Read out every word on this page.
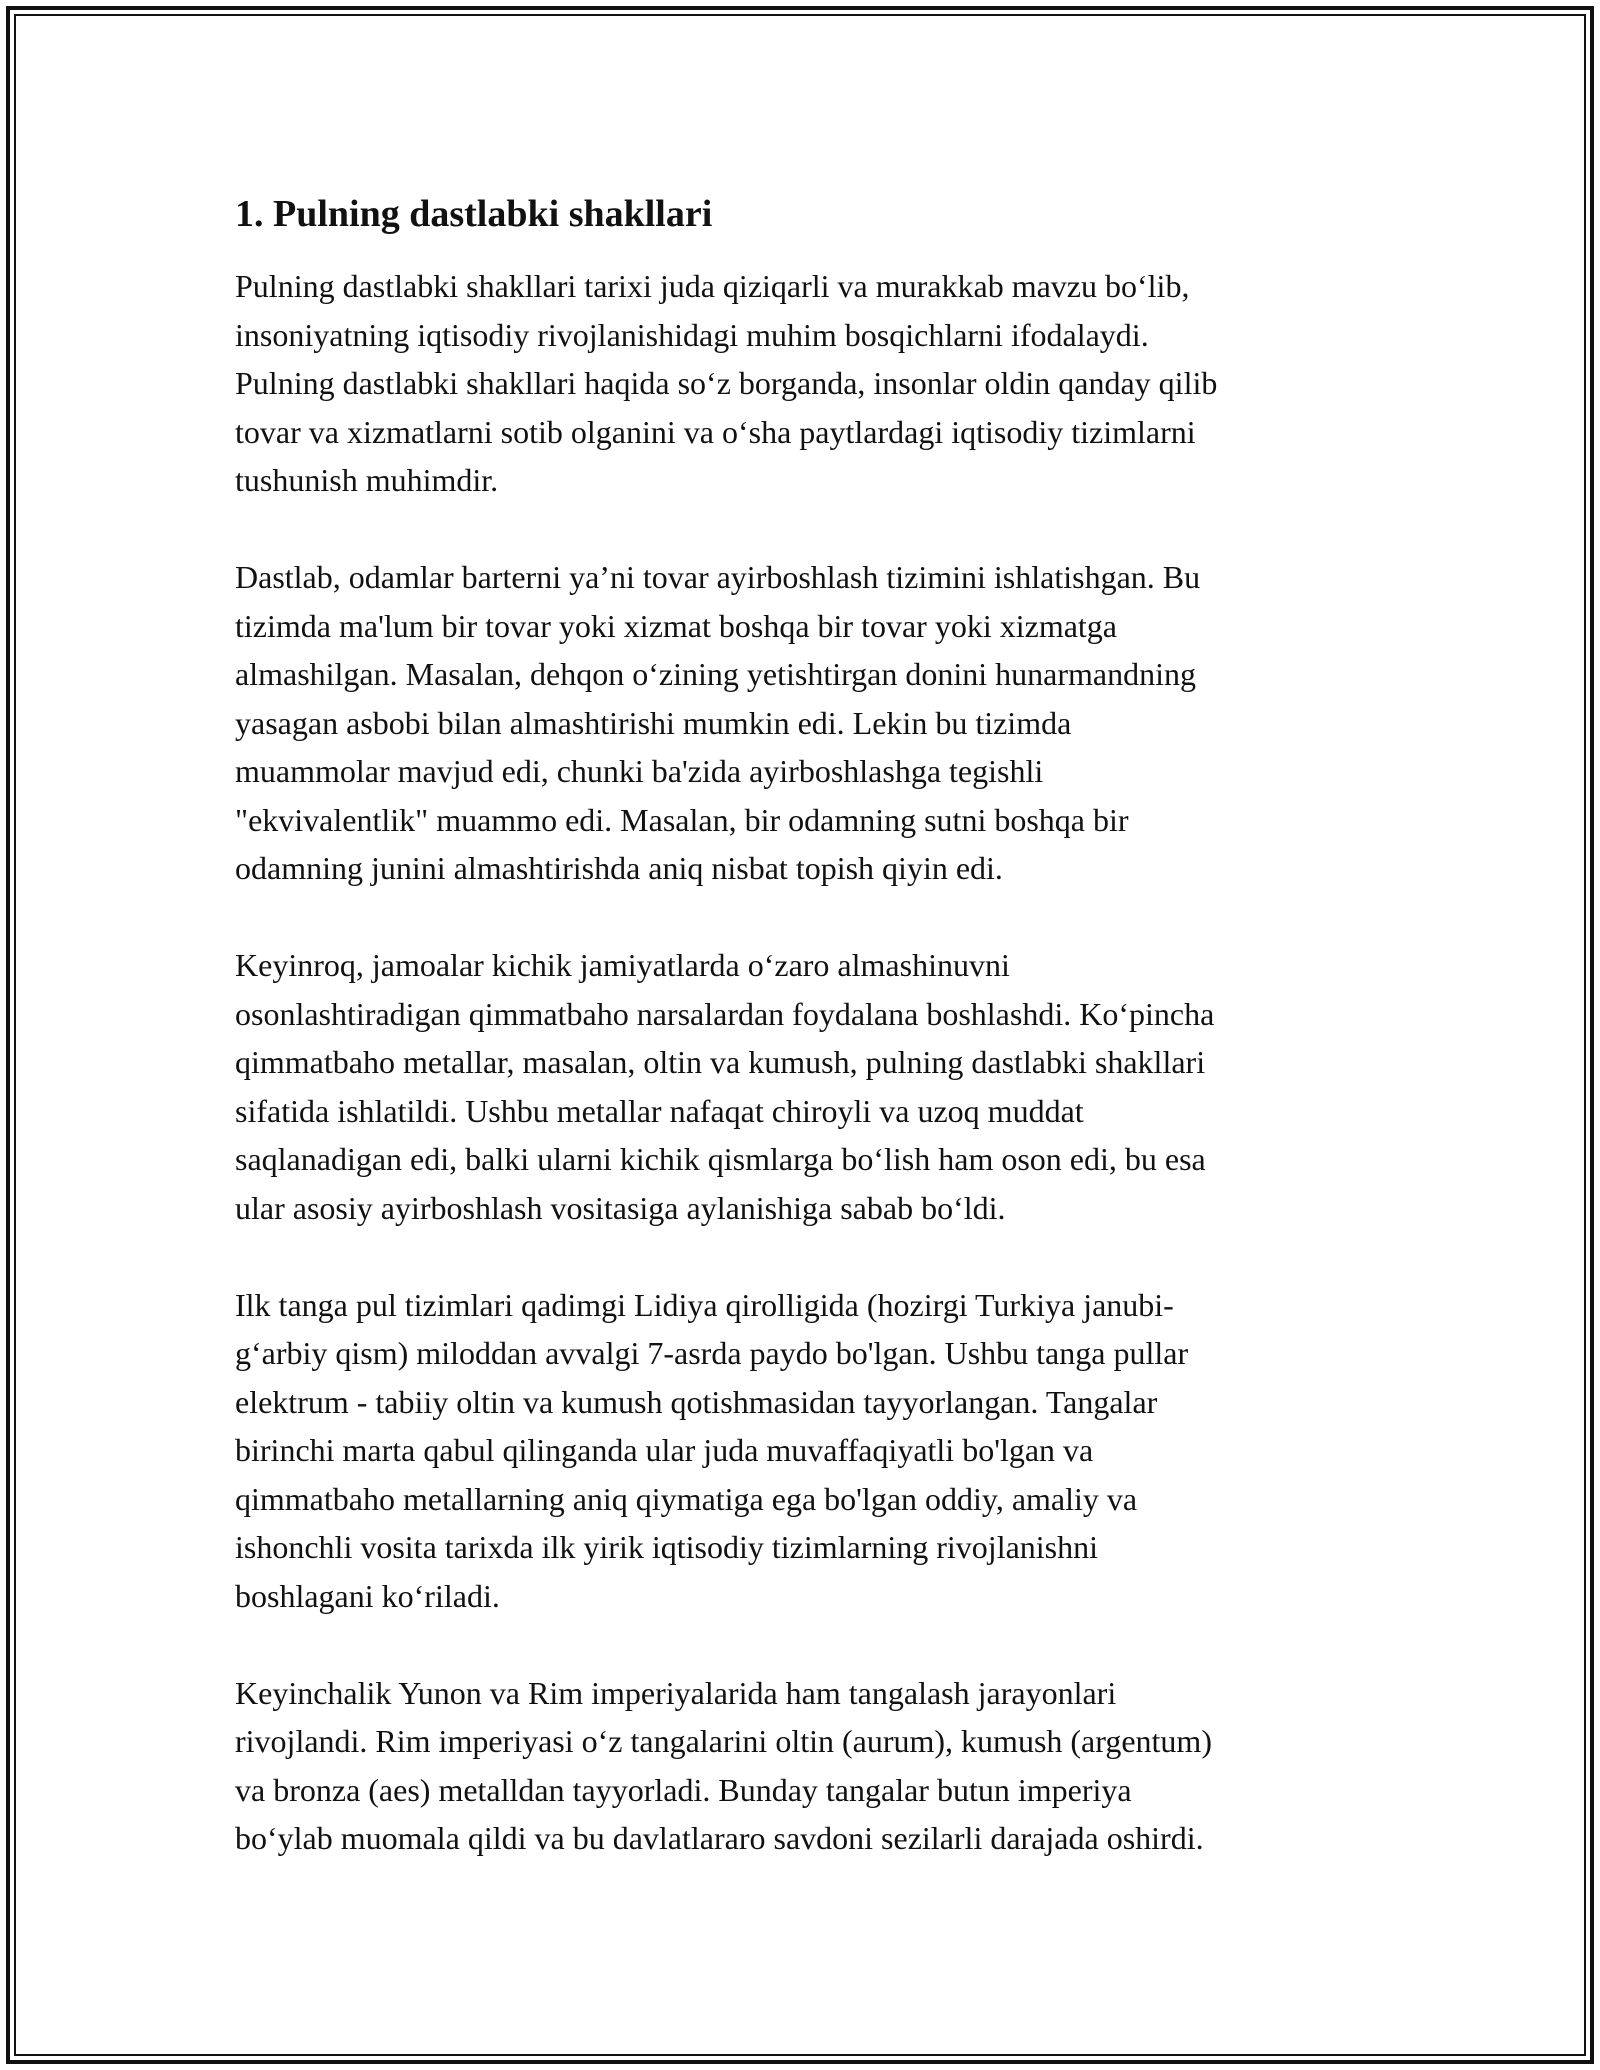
1. Pulning dastlabki shakllari

Pulning dastlabki shakllari tarixi juda qiziqarli va murakkab mavzu bo‘lib,
insoniyatning iqtisodiy rivojlanishidagi muhim bosqichlarni ifodalaydi.
Pulning dastlabki shakllari haqida so‘z borganda, insonlar oldin qanday qilib
tovar va xizmatlarni sotib olganini va o‘sha paytlardagi iqtisodiy tizimlarni
tushunish muhimdir.

Dastlab, odamlar barterni ya’ni tovar ayirboshlash tizimini ishlatishgan. Bu
tizimda ma'lum bir tovar yoki xizmat boshqa bir tovar yoki xizmatga
almashilgan. Masalan, dehqon o‘zining yetishtirgan donini hunarmandning
yasagan asbobi bilan almashtirishi mumkin edi. Lekin bu tizimda
muammolar mavjud edi, chunki ba'zida ayirboshlashga tegishli
"ekvivalentlik" muammo edi. Masalan, bir odamning sutni boshqa bir
odamning junini almashtirishda aniq nisbat topish qiyin edi.

Keyinroq, jamoalar kichik jamiyatlarda o‘zaro almashinuvni
osonlashtiradigan qimmatbaho narsalardan foydalana boshlashdi. Ko‘pincha
qimmatbaho metallar, masalan, oltin va kumush, pulning dastlabki shakllari
sifatida ishlatildi. Ushbu metallar nafaqat chiroyli va uzoq muddat
saqlanadigan edi, balki ularni kichik qismlarga bo‘lish ham oson edi, bu esa
ular asosiy ayirboshlash vositasiga aylanishiga sabab bo‘ldi.

Ilk tanga pul tizimlari qadimgi Lidiya qirolligida (hozirgi Turkiya janubi-
g‘arbiy qism) miloddan avvalgi 7-asrda paydo bo'lgan. Ushbu tanga pullar
elektrum - tabiiy oltin va kumush qotishmasidan tayyorlangan. Tangalar
birinchi marta qabul qilinganda ular juda muvaffaqiyatli bo'lgan va
qimmatbaho metallarning aniq qiymatiga ega bo'lgan oddiy, amaliy va
ishonchli vosita tarixda ilk yirik iqtisodiy tizimlarning rivojlanishni
boshlagani ko‘riladi.

Keyinchalik Yunon va Rim imperiyalarida ham tangalash jarayonlari
rivojlandi. Rim imperiyasi o‘z tangalarini oltin (aurum), kumush (argentum)
va bronza (aes) metalldan tayyorladi. Bunday tangalar butun imperiya
bo‘ylab muomala qildi va bu davlatlararo savdoni sezilarli darajada oshirdi.
